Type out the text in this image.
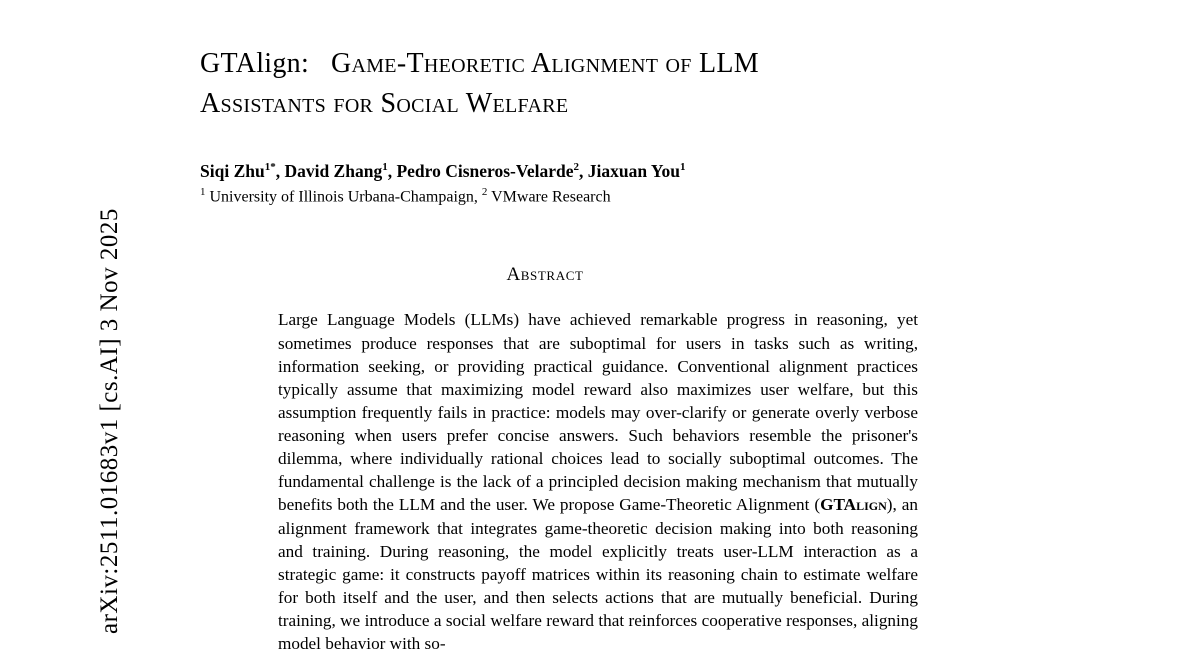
arXiv:2511.01683v1 [cs.AI] 3 Nov 2025
GTAlign: Game-Theoretic Alignment of LLM
Assistants for Social Welfare
Siqi Zhu$^{1*}$, David Zhang$^1$, Pedro Cisneros-Velarde$^2$, Jiaxuan You$^1$
$^1$ University of Illinois Urbana-Champaign, $^2$ VMware Research
Abstract
Large Language Models (LLMs) have achieved remarkable progress in reasoning, yet sometimes produce responses that are suboptimal for users in tasks such as writing, information seeking, or providing practical guidance. Conventional alignment practices typically assume that maximizing model reward also maximizes user welfare, but this assumption frequently fails in practice: models may over-clarify or generate overly verbose reasoning when users prefer concise answers. Such behaviors resemble the prisoner's dilemma, where individually rational choices lead to socially suboptimal outcomes. The fundamental challenge is the lack of a principled decision making mechanism that mutually benefits both the LLM and the user. We propose Game-Theoretic Alignment (GTAlign), an alignment framework that integrates game-theoretic decision making into both reasoning and training. During reasoning, the model explicitly treats user-LLM interaction as a strategic game: it constructs payoff matrices within its reasoning chain to estimate welfare for both itself and the user, and then selects actions that are mutually beneficial. During training, we introduce a social welfare reward that reinforces cooperative responses, aligning model behavior with so-
